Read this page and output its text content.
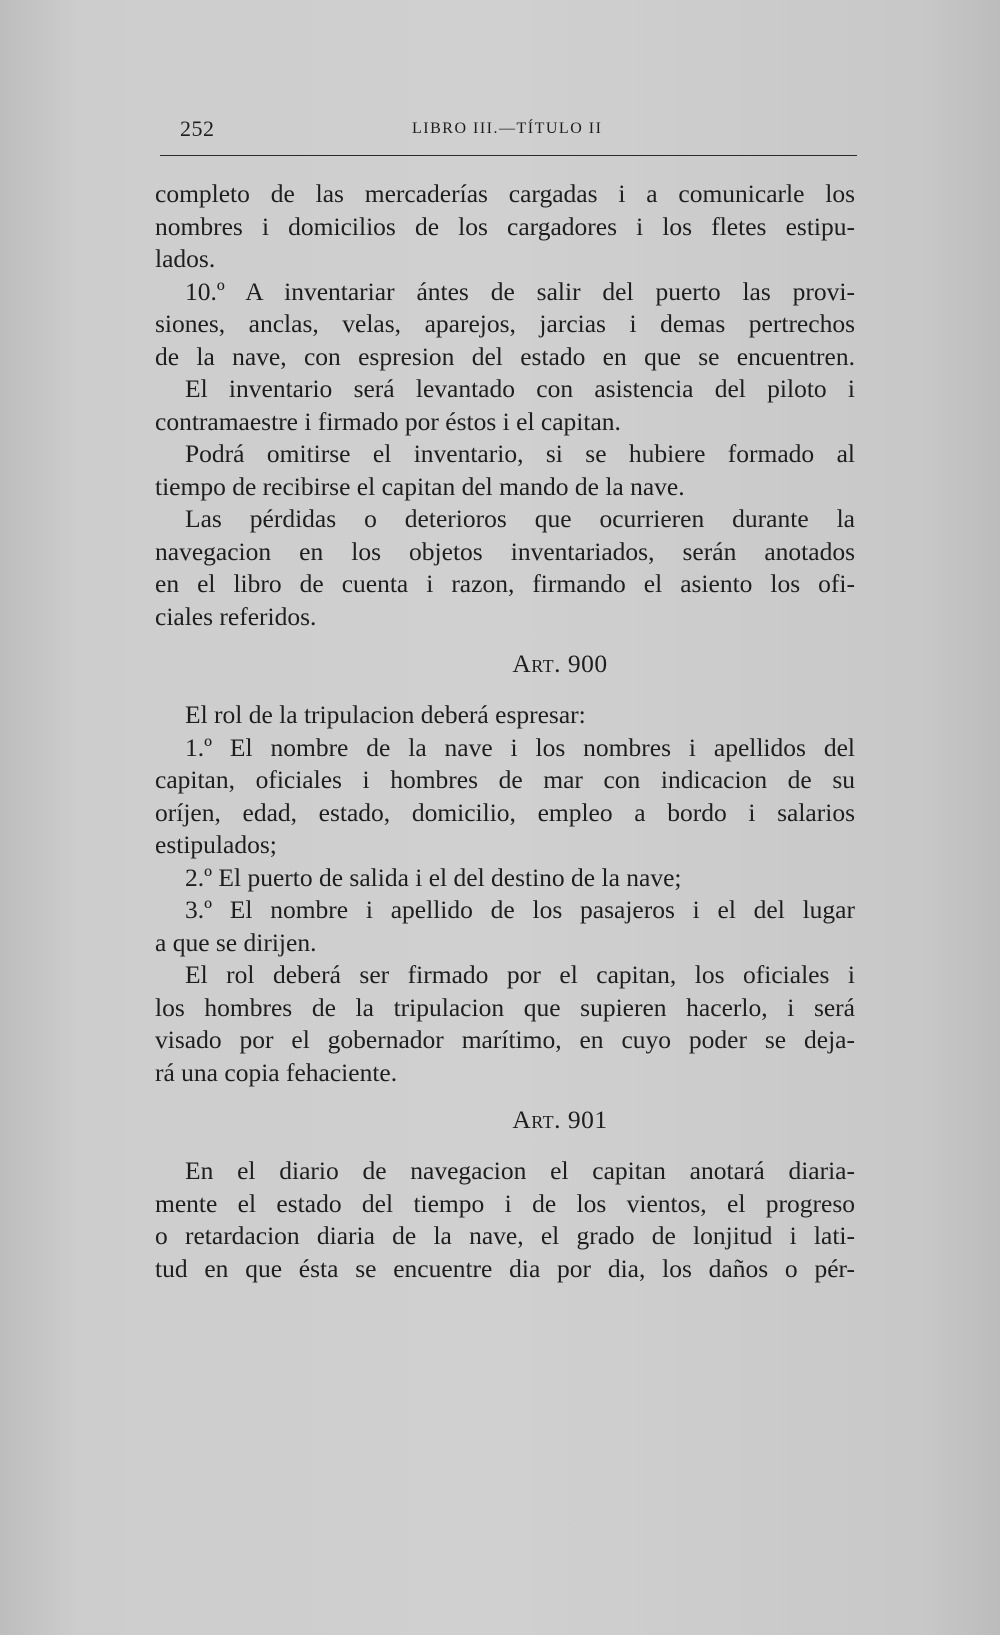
252	LIBRO III.—TÍTULO II
completo de las mercaderías cargadas i a comunicarle los
nombres i domicilios de los cargadores i los fletes estipu-
lados.
10.º A inventariar ántes de salir del puerto las provi-
siones, anclas, velas, aparejos, jarcias i demas pertrechos
de la nave, con espresion del estado en que se encuentren.
El inventario será levantado con asistencia del piloto i
contramaestre i firmado por éstos i el capitan.
Podrá omitirse el inventario, si se hubiere formado al
tiempo de recibirse el capitan del mando de la nave.
Las pérdidas o deterioros que ocurrieren durante la
navegacion en los objetos inventariados, serán anotados
en el libro de cuenta i razon, firmando el asiento los ofi-
ciales referidos.
Art. 900
El rol de la tripulacion deberá espresar:
1.º El nombre de la nave i los nombres i apellidos del
capitan, oficiales i hombres de mar con indicacion de su
oríjen, edad, estado, domicilio, empleo a bordo i salarios
estipulados;
2.º El puerto de salida i el del destino de la nave;
3.º El nombre i apellido de los pasajeros i el del lugar
a que se dirijen.
El rol deberá ser firmado por el capitan, los oficiales i
los hombres de la tripulacion que supieren hacerlo, i será
visado por el gobernador marítimo, en cuyo poder se deja-
rá una copia fehaciente.
Art. 901
En el diario de navegacion el capitan anotará diaria-
mente el estado del tiempo i de los vientos, el progreso
o retardacion diaria de la nave, el grado de lonjitud i lati-
tud en que ésta se encuentre dia por dia, los daños o pér-
